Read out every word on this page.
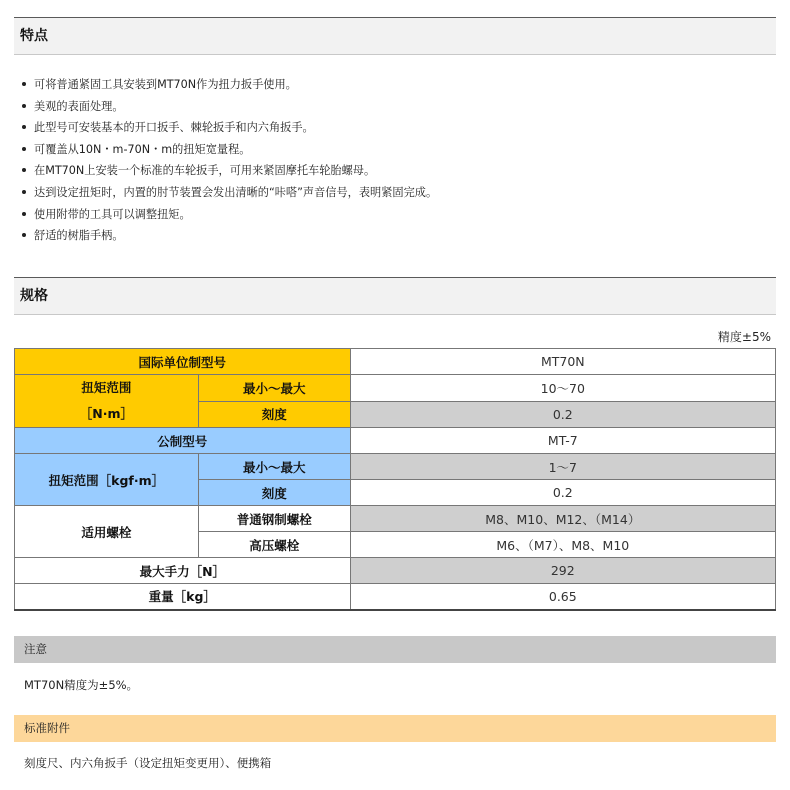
特点
可将普通紧固工具安装到MT70N作为扭力扳手使用。
美观的表面处理。
此型号可安装基本的开口扳手、棘轮扳手和内六角扳手。
可覆盖从10N・m-70N・m的扭矩宽量程。
在MT70N上安装一个标准的车轮扳手，可用来紧固摩托车轮胎螺母。
达到设定扭矩时，内置的肘节装置会发出清晰的“咔嗒”声音信号，表明紧固完成。
使用附带的工具可以调整扭矩。
舒适的树脂手柄。
规格
精度±5%
国际单位制型号		MT70N
扭矩范围
［N·m］	最小～最大	10～70
	刻度	0.2
公制型号		MT-7
扭矩范围［kgf·m］	最小～最大	1～7
	刻度	0.2
适用螺栓	普通钢制螺栓	M8、M10、M12、（M14）
	高压螺栓	M6、（M7）、M8、M10
最大手力［N］		292
重量［kg］		0.65
注意
MT70N精度为±5%。
标准附件
刻度尺、内六角扳手（设定扭矩变更用）、便携箱
